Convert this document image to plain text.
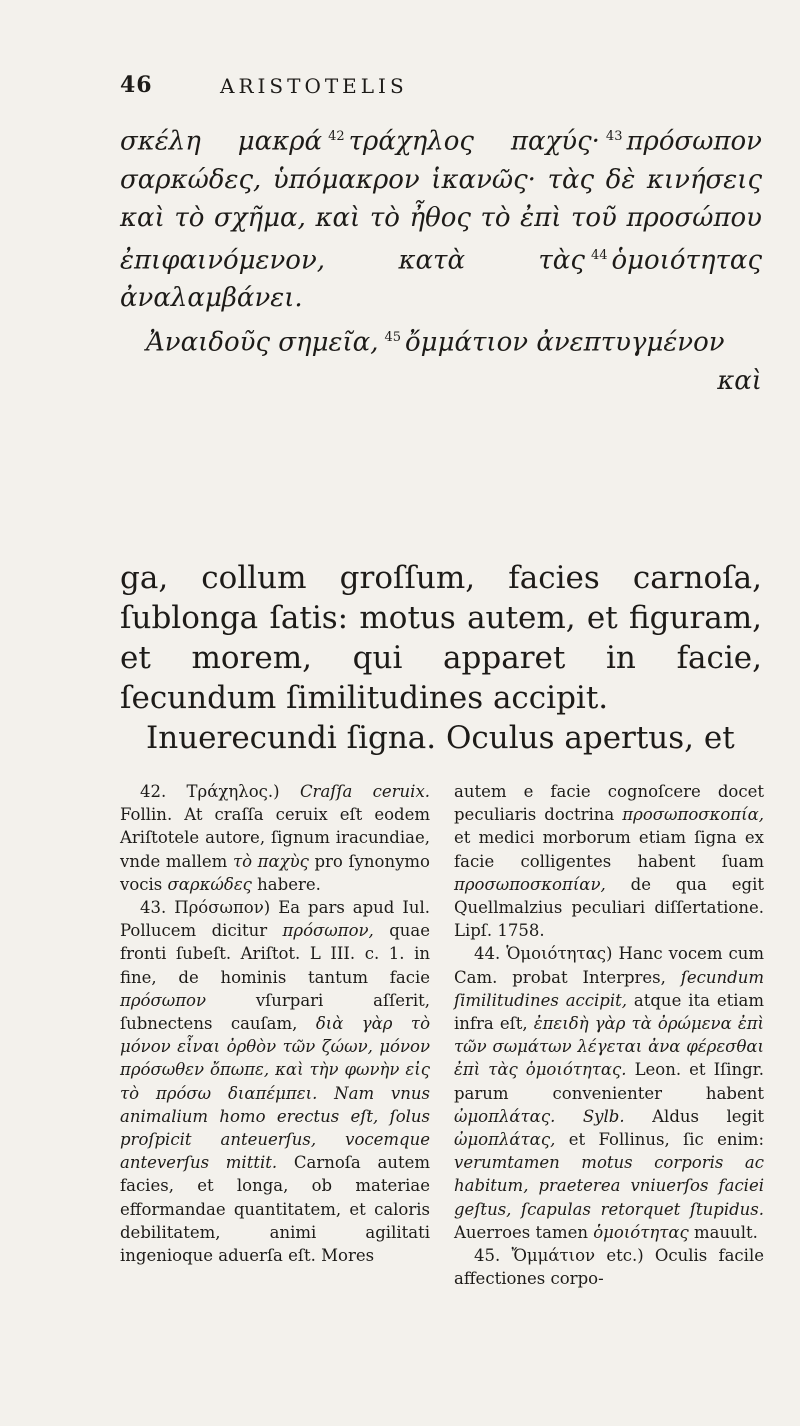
46	ARISTOTELIS

σκέλη μακρά $^{42}$ τράχηλος παχύς· $^{43}$ πρόσωπον σαρκώδες, ὑπόμακρον ἱκανῶς· τὰς δὲ κινήσεις καὶ τὸ σχῆμα, καὶ τὸ ἦθος τὸ ἐπὶ τοῦ προσώπου ἐπιφαινόμενον, κατὰ τὰς $^{44}$ ὁμοιότητας ἀναλαμβάνει.

Ἀναιδοῦς σημεῖα, $^{45}$ ὄμμάτιον ἀνεπτυγμένον

καὶ

ga, collum groſſum, facies carnoſa, ſublonga ſatis: motus autem, et figuram, et morem, qui apparet in facie, ſecundum ſimilitudines accipit.

Inuerecundi ſigna. Oculus apertus, et

42. Τράχηλος.) Craſſa ceruix. Follin. At craſſa ceruix eſt eodem Ariſtotele autore, ſignum iracundiae, vnde mallem τὸ παχὺς pro ſynonymo vocis σαρκώδες habere.

43. Πρόσωπον) Ea pars apud Iul. Pollucem dicitur πρόσωπον, quae fronti ſubeſt. Ariſtot. L III. c. 1. in fine, de hominis tantum facie πρόσωπον	vſurpari aſſerit, ſubnectens cauſam, διὰ γὰρ τὸ μόνον εἶναι ὀρθὸν τῶν ζώων, μόνον πρόσωθεν ὄπωπε, καὶ τὴν φωνὴν εἰς τὸ πρόσω διαπέμπει. Nam vnus animalium homo erectus eſt, ſolus proſpicit anteuerſus, vocemque anteverſus mittit. Carnoſa autem facies, et longa, ob materiae efformandae quantitatem, et caloris debilitatem, animi agilitati ingenioque aduerſa eſt. Mores

autem e facie cognoſcere docet peculiaris doctrina προσωποσκοπία, et medici morborum etiam ſigna ex facie colligentes habent ſuam προσωποσκοπίαν, de qua egit Quellmalzius peculiari diſſertatione. Lipſ. 1758.

44. Ὁμοιότητας) Hanc vocem cum Cam. probat Interpres, ſecundum ſimilitudines accipit, atque ita etiam infra eſt, ἐπειδὴ γὰρ τὰ ὀρώμενα ἐπὶ τῶν σωμάτων λέγεται ἀνα φέρεσθαι ἐπὶ τὰς ὁμοιότητας. Leon. et Iſingr. parum convenienter habent ὠμοπλάτας. Sylb. Aldus legit ὠμοπλάτας, et Follinus, ſic enim: verumtamen motus corporis ac habitum, praeterea vniuerſos faciei geſtus, ſcapulas retorquet ſtupidus. Auerroes tamen ὁμοιότητας mauult.

45. Ὄμμάτιον etc.) Oculis facile affectiones corpo-
